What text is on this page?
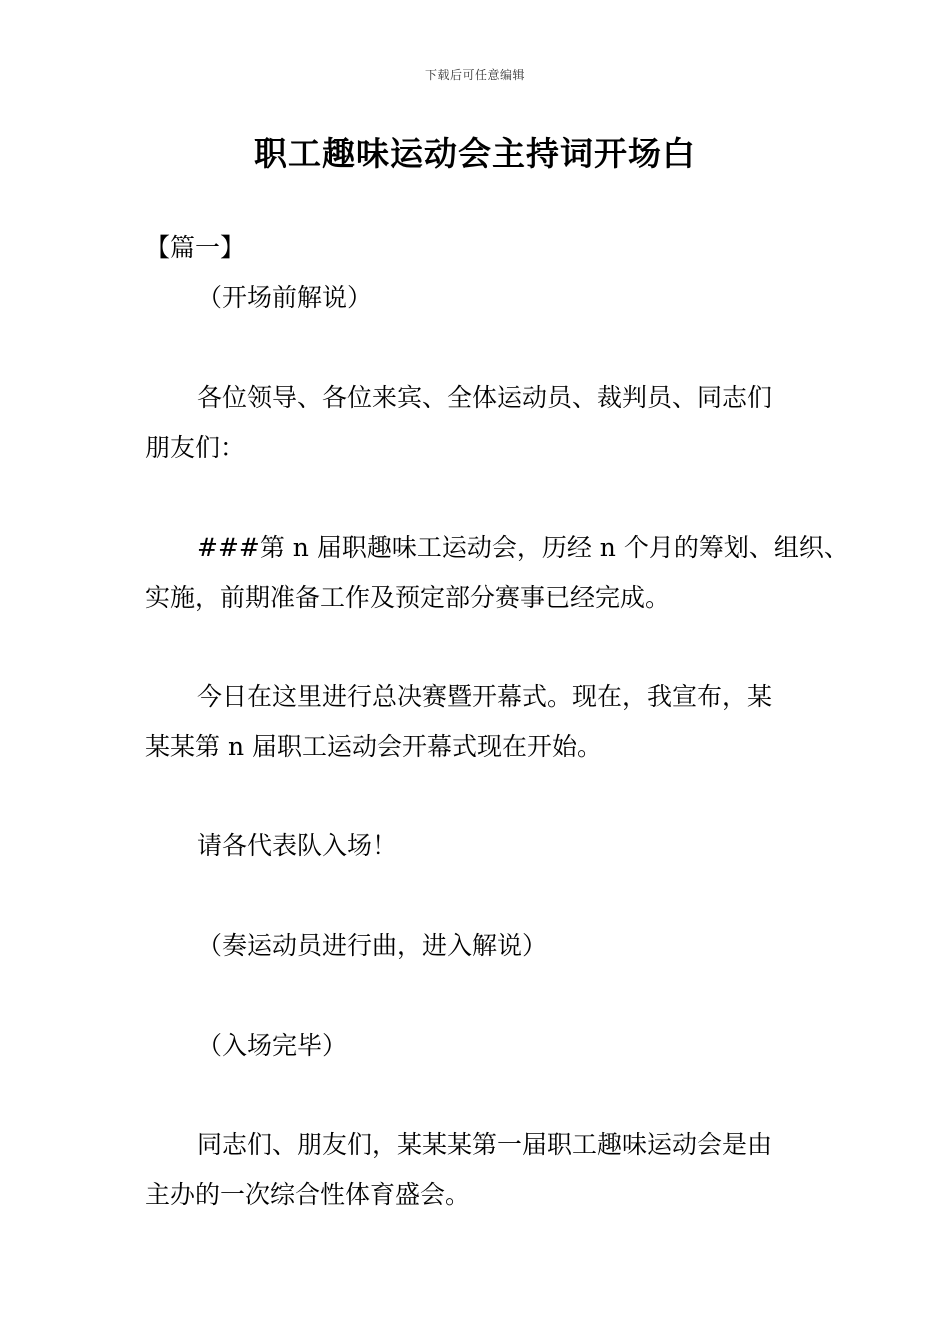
下载后可任意编辑
职工趣味运动会主持词开场白
【篇一】
（开场前解说）
各位领导、各位来宾、全体运动员、裁判员、同志们
朋友们：
###第 n 届职趣味工运动会，历经 n 个月的筹划、组织、
实施，前期准备工作及预定部分赛事已经完成。
今日在这里进行总决赛暨开幕式。现在，我宣布，某
某某第 n 届职工运动会开幕式现在开始。
请各代表队入场！
（奏运动员进行曲，进入解说）
（入场完毕）
同志们、朋友们，某某某第一届职工趣味运动会是由
主办的一次综合性体育盛会。
